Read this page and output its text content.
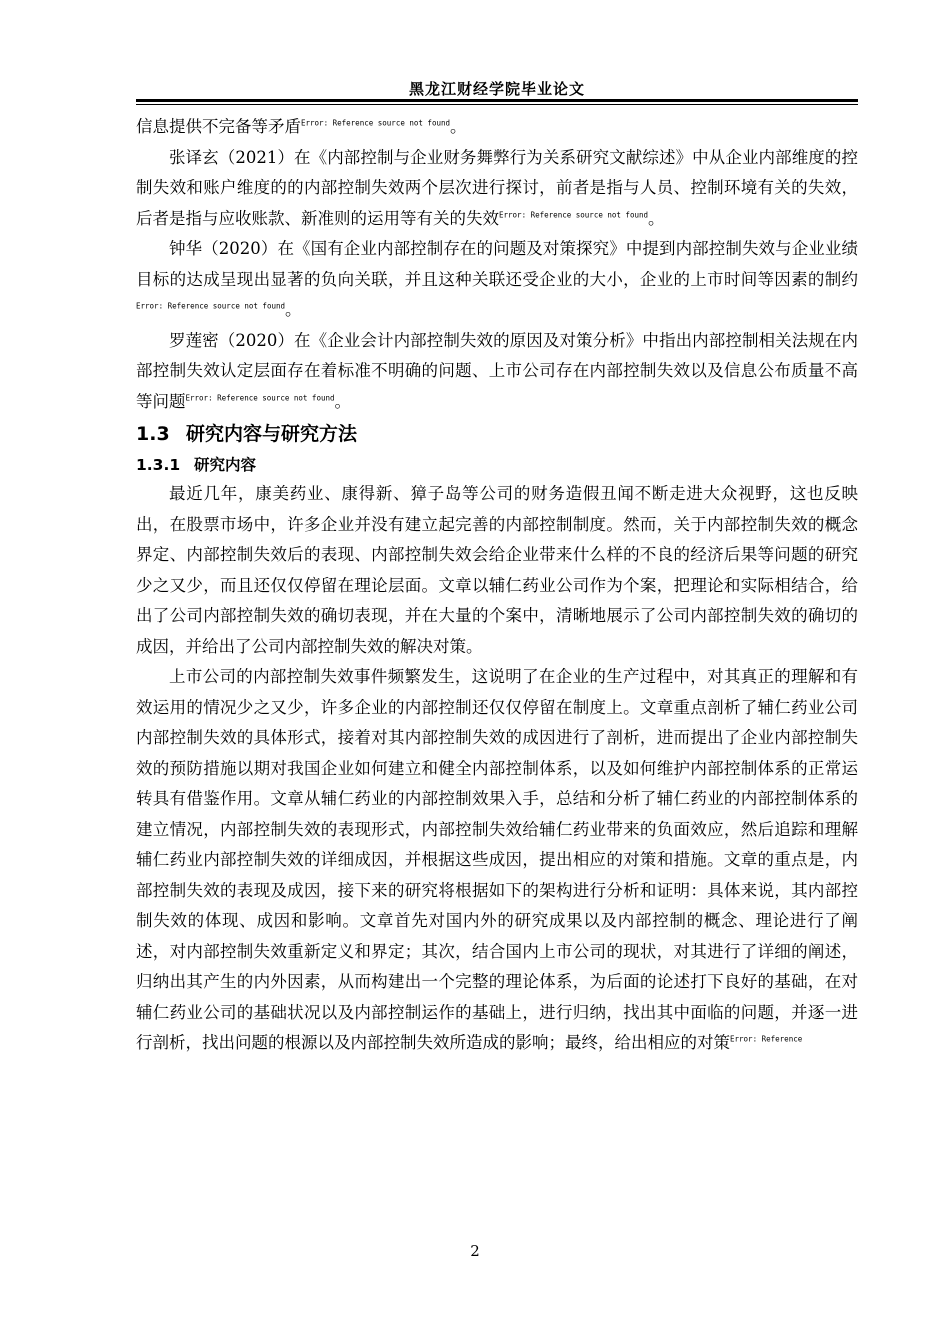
黑龙江财经学院毕业论文

信息提供不完备等矛盾$^{Error: Reference source not found}$。

张译玄（2021）在《内部控制与企业财务舞弊行为关系研究文献综述》中从企业内部维度的控制失效和账户维度的的内部控制失效两个层次进行探讨，前者是指与人员、控制环境有关的失效，后者是指与应收账款、新准则的运用等有关的失效$^{Error: Reference source not found}$。

钟华（2020）在《国有企业内部控制存在的问题及对策探究》中提到内部控制失效与企业业绩目标的达成呈现出显著的负向关联，并且这种关联还受企业的大小，企业的上市时间等因素的制约$^{Error: Reference source not found}$。

罗莲密（2020）在《企业会计内部控制失效的原因及对策分析》中指出内部控制相关法规在内部控制失效认定层面存在着标准不明确的问题、上市公司存在内部控制失效以及信息公布质量不高等问题$^{Error: Reference source not found}$。

1.3 研究内容与研究方法
1.3.1 研究内容

最近几年，康美药业、康得新、獐子岛等公司的财务造假丑闻不断走进大众视野，这也反映出，在股票市场中，许多企业并没有建立起完善的内部控制制度。然而，关于内部控制失效的概念界定、内部控制失效后的表现、内部控制失效会给企业带来什么样的不良的经济后果等问题的研究少之又少，而且还仅仅停留在理论层面。文章以辅仁药业公司作为个案，把理论和实际相结合，给出了公司内部控制失效的确切表现，并在大量的个案中，清晰地展示了公司内部控制失效的确切的成因，并给出了公司内部控制失效的解决对策。

上市公司的内部控制失效事件频繁发生，这说明了在企业的生产过程中，对其真正的理解和有效运用的情况少之又少，许多企业的内部控制还仅仅停留在制度上。文章重点剖析了辅仁药业公司内部控制失效的具体形式，接着对其内部控制失效的成因进行了剖析，进而提出了企业内部控制失效的预防措施以期对我国企业如何建立和健全内部控制体系，以及如何维护内部控制体系的正常运转具有借鉴作用。文章从辅仁药业的内部控制效果入手，总结和分析了辅仁药业的内部控制体系的建立情况，内部控制失效的表现形式，内部控制失效给辅仁药业带来的负面效应，然后追踪和理解辅仁药业内部控制失效的详细成因，并根据这些成因，提出相应的对策和措施。文章的重点是，内部控制失效的表现及成因，接下来的研究将根据如下的架构进行分析和证明：具体来说，其内部控制失效的体现、成因和影响。文章首先对国内外的研究成果以及内部控制的概念、理论进行了阐述，对内部控制失效重新定义和界定；其次，结合国内上市公司的现状，对其进行了详细的阐述，归纳出其产生的内外因素，从而构建出一个完整的理论体系，为后面的论述打下良好的基础，在对辅仁药业公司的基础状况以及内部控制运作的基础上，进行归纳，找出其中面临的问题，并逐一进行剖析，找出问题的根源以及内部控制失效所造成的影响；最终，给出相应的对策$^{Error: Reference}$

2
